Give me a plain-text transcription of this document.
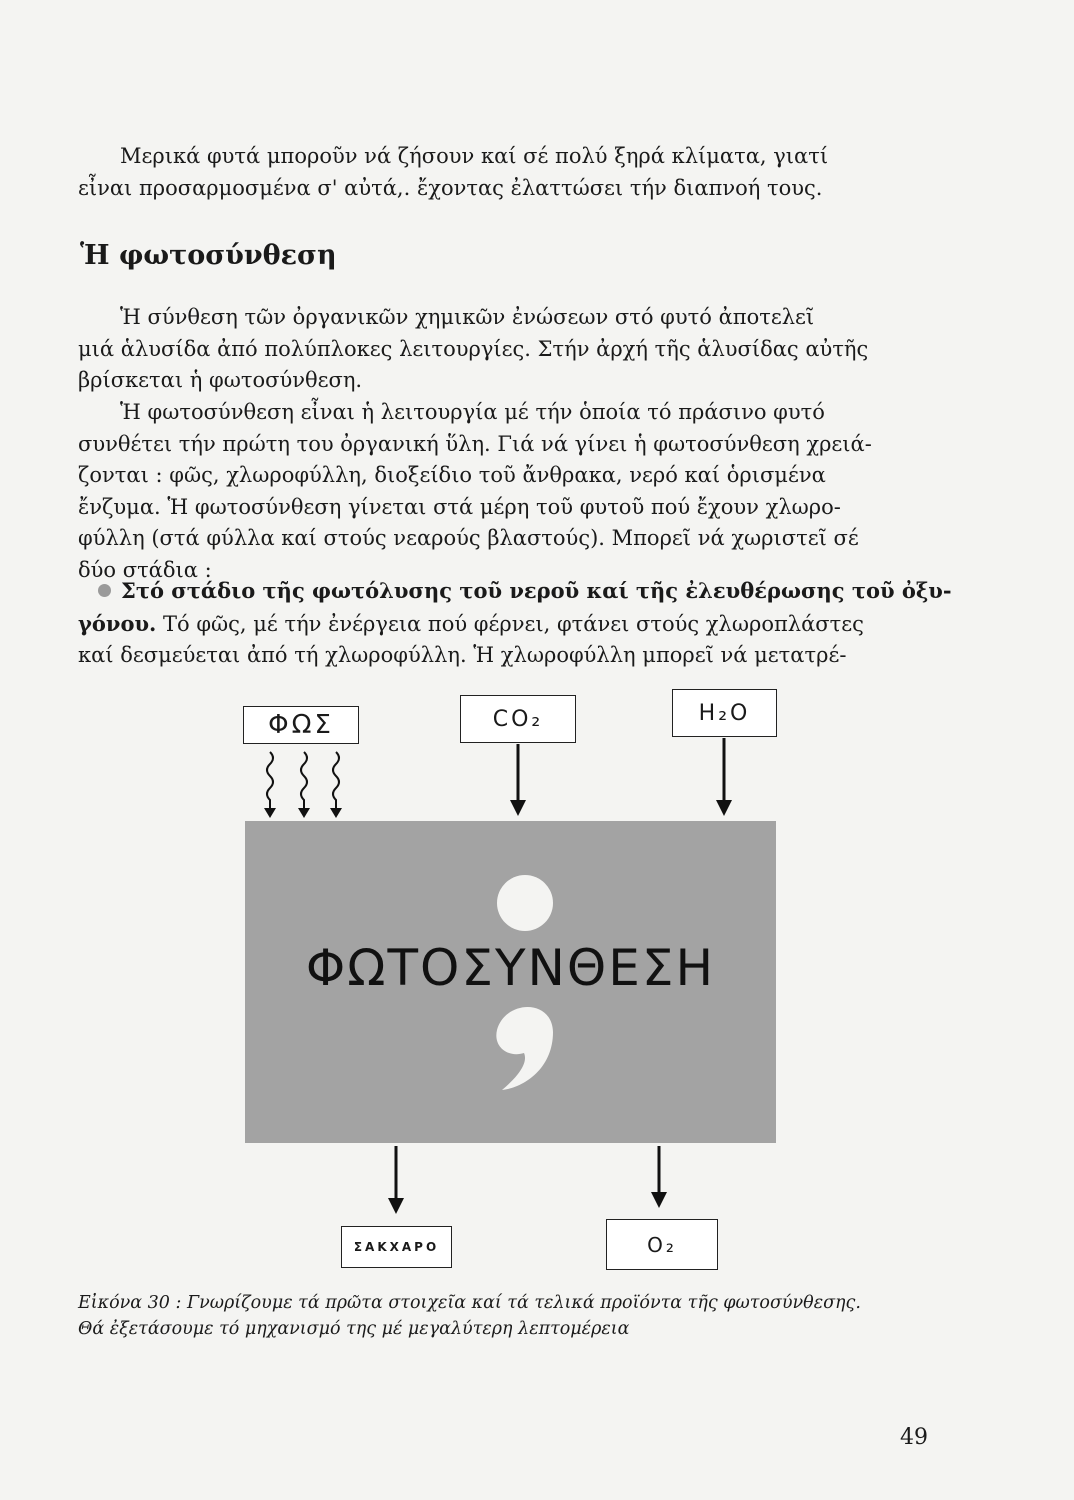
Μερικά φυτά μποροῦν νά ζήσουν καί σέ πολύ ξηρά κλίματα, γιατί
εἶναι προσαρμοσμένα σ' αὐτά,. ἔχοντας ἐλαττώσει τήν διαπνοή τους.

Ἡ φωτοσύνθεση

Ἡ σύνθεση τῶν ὀργανικῶν χημικῶν ἐνώσεων στό φυτό ἀποτελεῖ
μιά ἁλυσίδα ἀπό πολύπλοκες λειτουργίες. Στήν ἀρχή τῆς ἁλυσίδας αὐτῆς
βρίσκεται ἡ φωτοσύνθεση.

Ἡ φωτοσύνθεση εἶναι ἡ λειτουργία μέ τήν ὁποία τό πράσινο φυτό
συνθέτει τήν πρώτη του ὀργανική ὕλη. Γιά νά γίνει ἡ φωτοσύνθεση χρειά-
ζονται : φῶς, χλωροφύλλη, διοξείδιο τοῦ ἄνθρακα, νερό καί ὁρισμένα
ἔνζυμα. Ἡ φωτοσύνθεση γίνεται στά μέρη τοῦ φυτοῦ πού ἔχουν χλωρο-
φύλλη (στά φύλλα καί στούς νεαρούς βλαστούς). Μπορεῖ νά χωριστεῖ σέ
δύο στάδια :

Στό στάδιο τῆς φωτόλυσης τοῦ νεροῦ καί τῆς ἐλευθέρωσης τοῦ ὀξυ-
γόνου. Τό φῶς, μέ τήν ἐνέργεια πού φέρνει, φτάνει στούς χλωροπλάστες
καί δεσμεύεται ἀπό τή χλωροφύλλη. Ἡ χλωροφύλλη μπορεῖ νά μετατρέ-

ΦΩΣ	CO₂	H₂O
ΦΩΤΟΣΥΝΘΕΣΗ
ΣΑΚΧΑΡΟ	O₂

Εἰκόνα 30 : Γνωρίζουμε τά πρῶτα στοιχεῖα καί τά τελικά προϊόντα τῆς φωτοσύνθεσης.
Θά ἐξετάσουμε τό μηχανισμό της μέ μεγαλύτερη λεπτομέρεια

49
